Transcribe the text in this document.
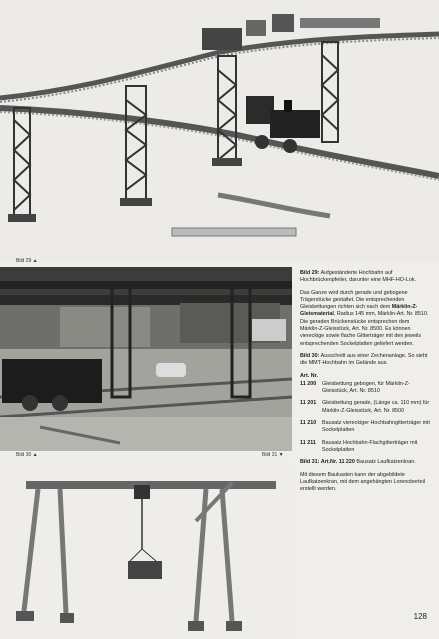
Bild 29 ▲
Bild 30 ▲	Bild 31 ▼

Bild 29: Aufgeständerte Hochbahn auf Hochbrückenpfeiler, darunter eine MHF-HO-Lok.

Das Ganze wird durch gerade und gebogene Trägerstücke gestaltet. Die entsprechenden Gleisbettungen richten sich nach dem Märklin-Z-Gleismaterial, Radius 145 mm, Märklin-Art. Nr. 8510. Die geraden Brückenstücke entsprechen dem Märklin-Z-Gleisstück, Art. Nr. 8500. Es können viereckige sowie flache Gitterträger mit den jeweils entsprechenden Sockelplatten geliefert werden.

Bild 30: Ausschnitt aus einer Zechenanlage. So sieht die MMT-Hochbahn im Gelände aus.

Art. Nr.

11 200	Gleisbettung gebogen, für Märklin-Z-Gleisstück, Art. Nr. 8510
11 201	Gleisbettung gerade, (Länge ca. 110 mm) für Märklin-Z-Gleisstück, Art. Nr. 8500
11 210	Bausatz viereckiger Hochbahngitterträger mit Sockelplatten
11 211	Bausatz Hochbahn-Flachgitterträger mit Sockelplatten

Bild 31: Art.Nr. 11 220 Bausatz Laufkatzenkran.

Mit diesem Baukasten kann der abgebildete Laufkatzenkran, mit dem angehängten Lorenoberteil erstellt werden.

128
